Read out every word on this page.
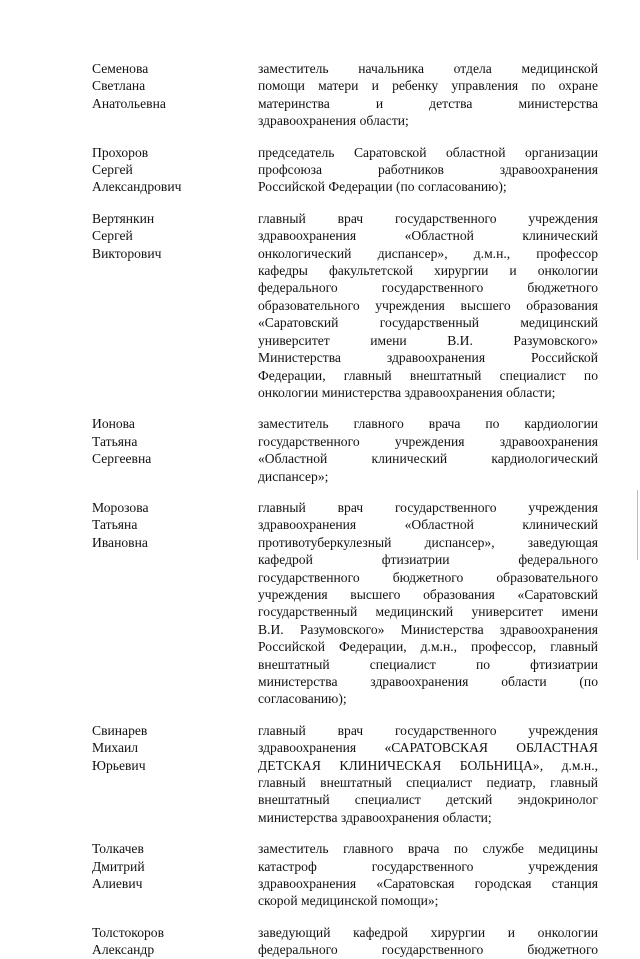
Семенова
Светлана
Анатольевна
заместитель начальника отдела медицинской
помощи матери и ребенку управления по охране
материнства и детства министерства
здравоохранения области;
Прохоров
Сергей
Александрович
председатель Саратовской областной организации
профсоюза работников здравоохранения
Российской Федерации (по согласованию);
Вертянкин
Сергей
Викторович
главный врач государственного учреждения
здравоохранения «Областной клинический
онкологический диспансер», д.м.н., профессор
кафедры факультетской хирургии и онкологии
федерального государственного бюджетного
образовательного учреждения высшего образования
«Саратовский государственный медицинский
университет имени В.И. Разумовского»
Министерства здравоохранения Российской
Федерации, главный внештатный специалист по
онкологии министерства здравоохранения области;
Ионова
Татьяна
Сергеевна
заместитель главного врача по кардиологии
государственного учреждения здравоохранения
«Областной клинический кардиологический
диспансер»;
Морозова
Татьяна
Ивановна
главный врач государственного учреждения
здравоохранения «Областной клинический
противотуберкулезный диспансер», заведующая
кафедрой фтизиатрии федерального
государственного бюджетного образовательного
учреждения высшего образования «Саратовский
государственный медицинский университет имени
В.И. Разумовского» Министерства здравоохранения
Российской Федерации, д.м.н., профессор, главный
внештатный специалист по фтизиатрии
министерства здравоохранения области (по
согласованию);
Свинарев
Михаил
Юрьевич
главный врач государственного учреждения
здравоохранения «САРАТОВСКАЯ ОБЛАСТНАЯ
ДЕТСКАЯ КЛИНИЧЕСКАЯ БОЛЬНИЦА», д.м.н.,
главный внештатный специалист педиатр, главный
внештатный специалист детский эндокринолог
министерства здравоохранения области;
Толкачев
Дмитрий
Алиевич
заместитель главного врача по службе медицины
катастроф государственного учреждения
здравоохранения «Саратовская городская станция
скорой медицинской помощи»;
Толстокоров
Александр
заведующий кафедрой хирургии и онкологии
федерального государственного бюджетного
